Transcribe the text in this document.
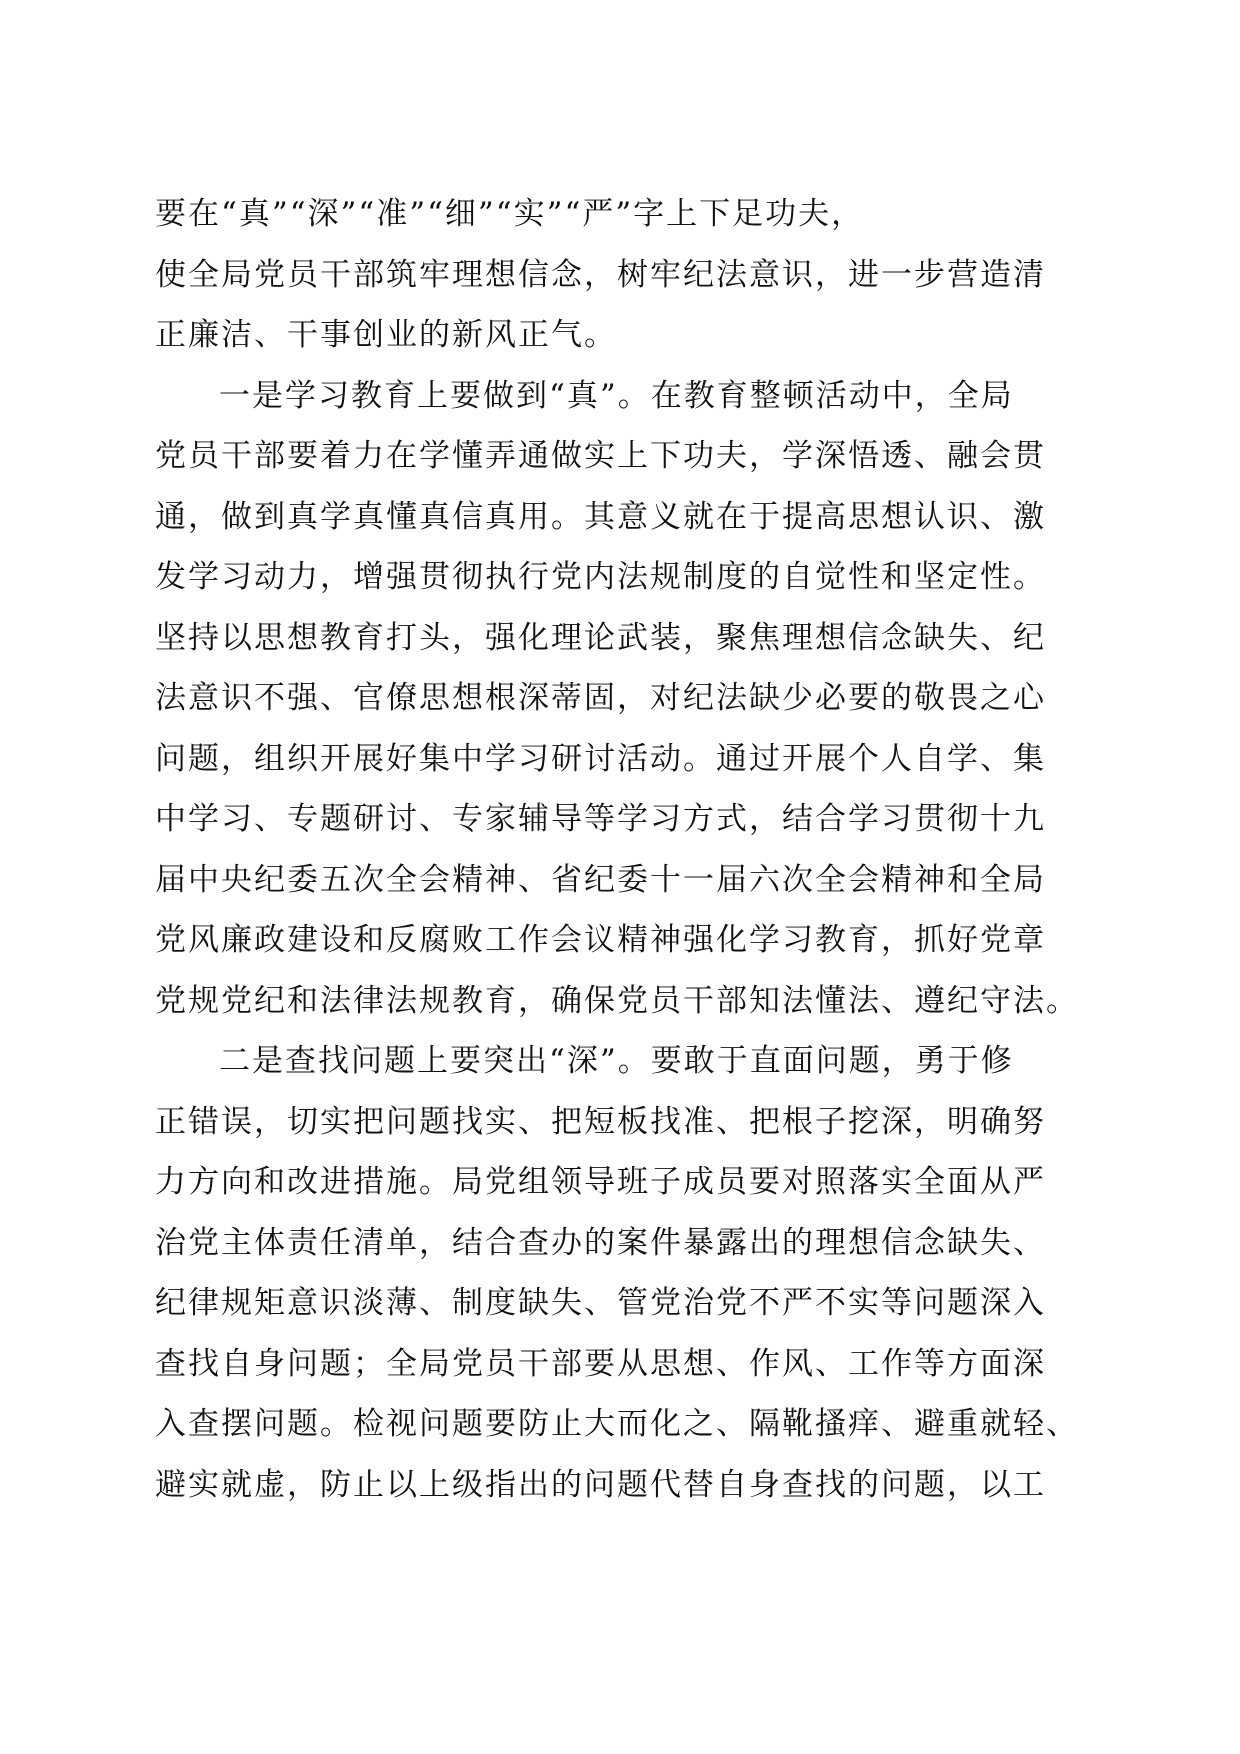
要在“真”“深”“准”“细”“实”“严”字上下足功夫，
使全局党员干部筑牢理想信念，树牢纪法意识，进一步营造清
正廉洁、干事创业的新风正气。
一是学习教育上要做到“真”。在教育整顿活动中，全局
党员干部要着力在学懂弄通做实上下功夫，学深悟透、融会贯
通，做到真学真懂真信真用。其意义就在于提高思想认识、激
发学习动力，增强贯彻执行党内法规制度的自觉性和坚定性。
坚持以思想教育打头，强化理论武装，聚焦理想信念缺失、纪
法意识不强、官僚思想根深蒂固，对纪法缺少必要的敬畏之心
问题，组织开展好集中学习研讨活动。通过开展个人自学、集
中学习、专题研讨、专家辅导等学习方式，结合学习贯彻十九
届中央纪委五次全会精神、省纪委十一届六次全会精神和全局
党风廉政建设和反腐败工作会议精神强化学习教育，抓好党章
党规党纪和法律法规教育，确保党员干部知法懂法、遵纪守法。
二是查找问题上要突出“深”。要敢于直面问题，勇于修
正错误，切实把问题找实、把短板找准、把根子挖深，明确努
力方向和改进措施。局党组领导班子成员要对照落实全面从严
治党主体责任清单，结合查办的案件暴露出的理想信念缺失、
纪律规矩意识淡薄、制度缺失、管党治党不严不实等问题深入
查找自身问题；全局党员干部要从思想、作风、工作等方面深
入查摆问题。检视问题要防止大而化之、隔靴搔痒、避重就轻、
避实就虚，防止以上级指出的问题代替自身查找的问题，以工
